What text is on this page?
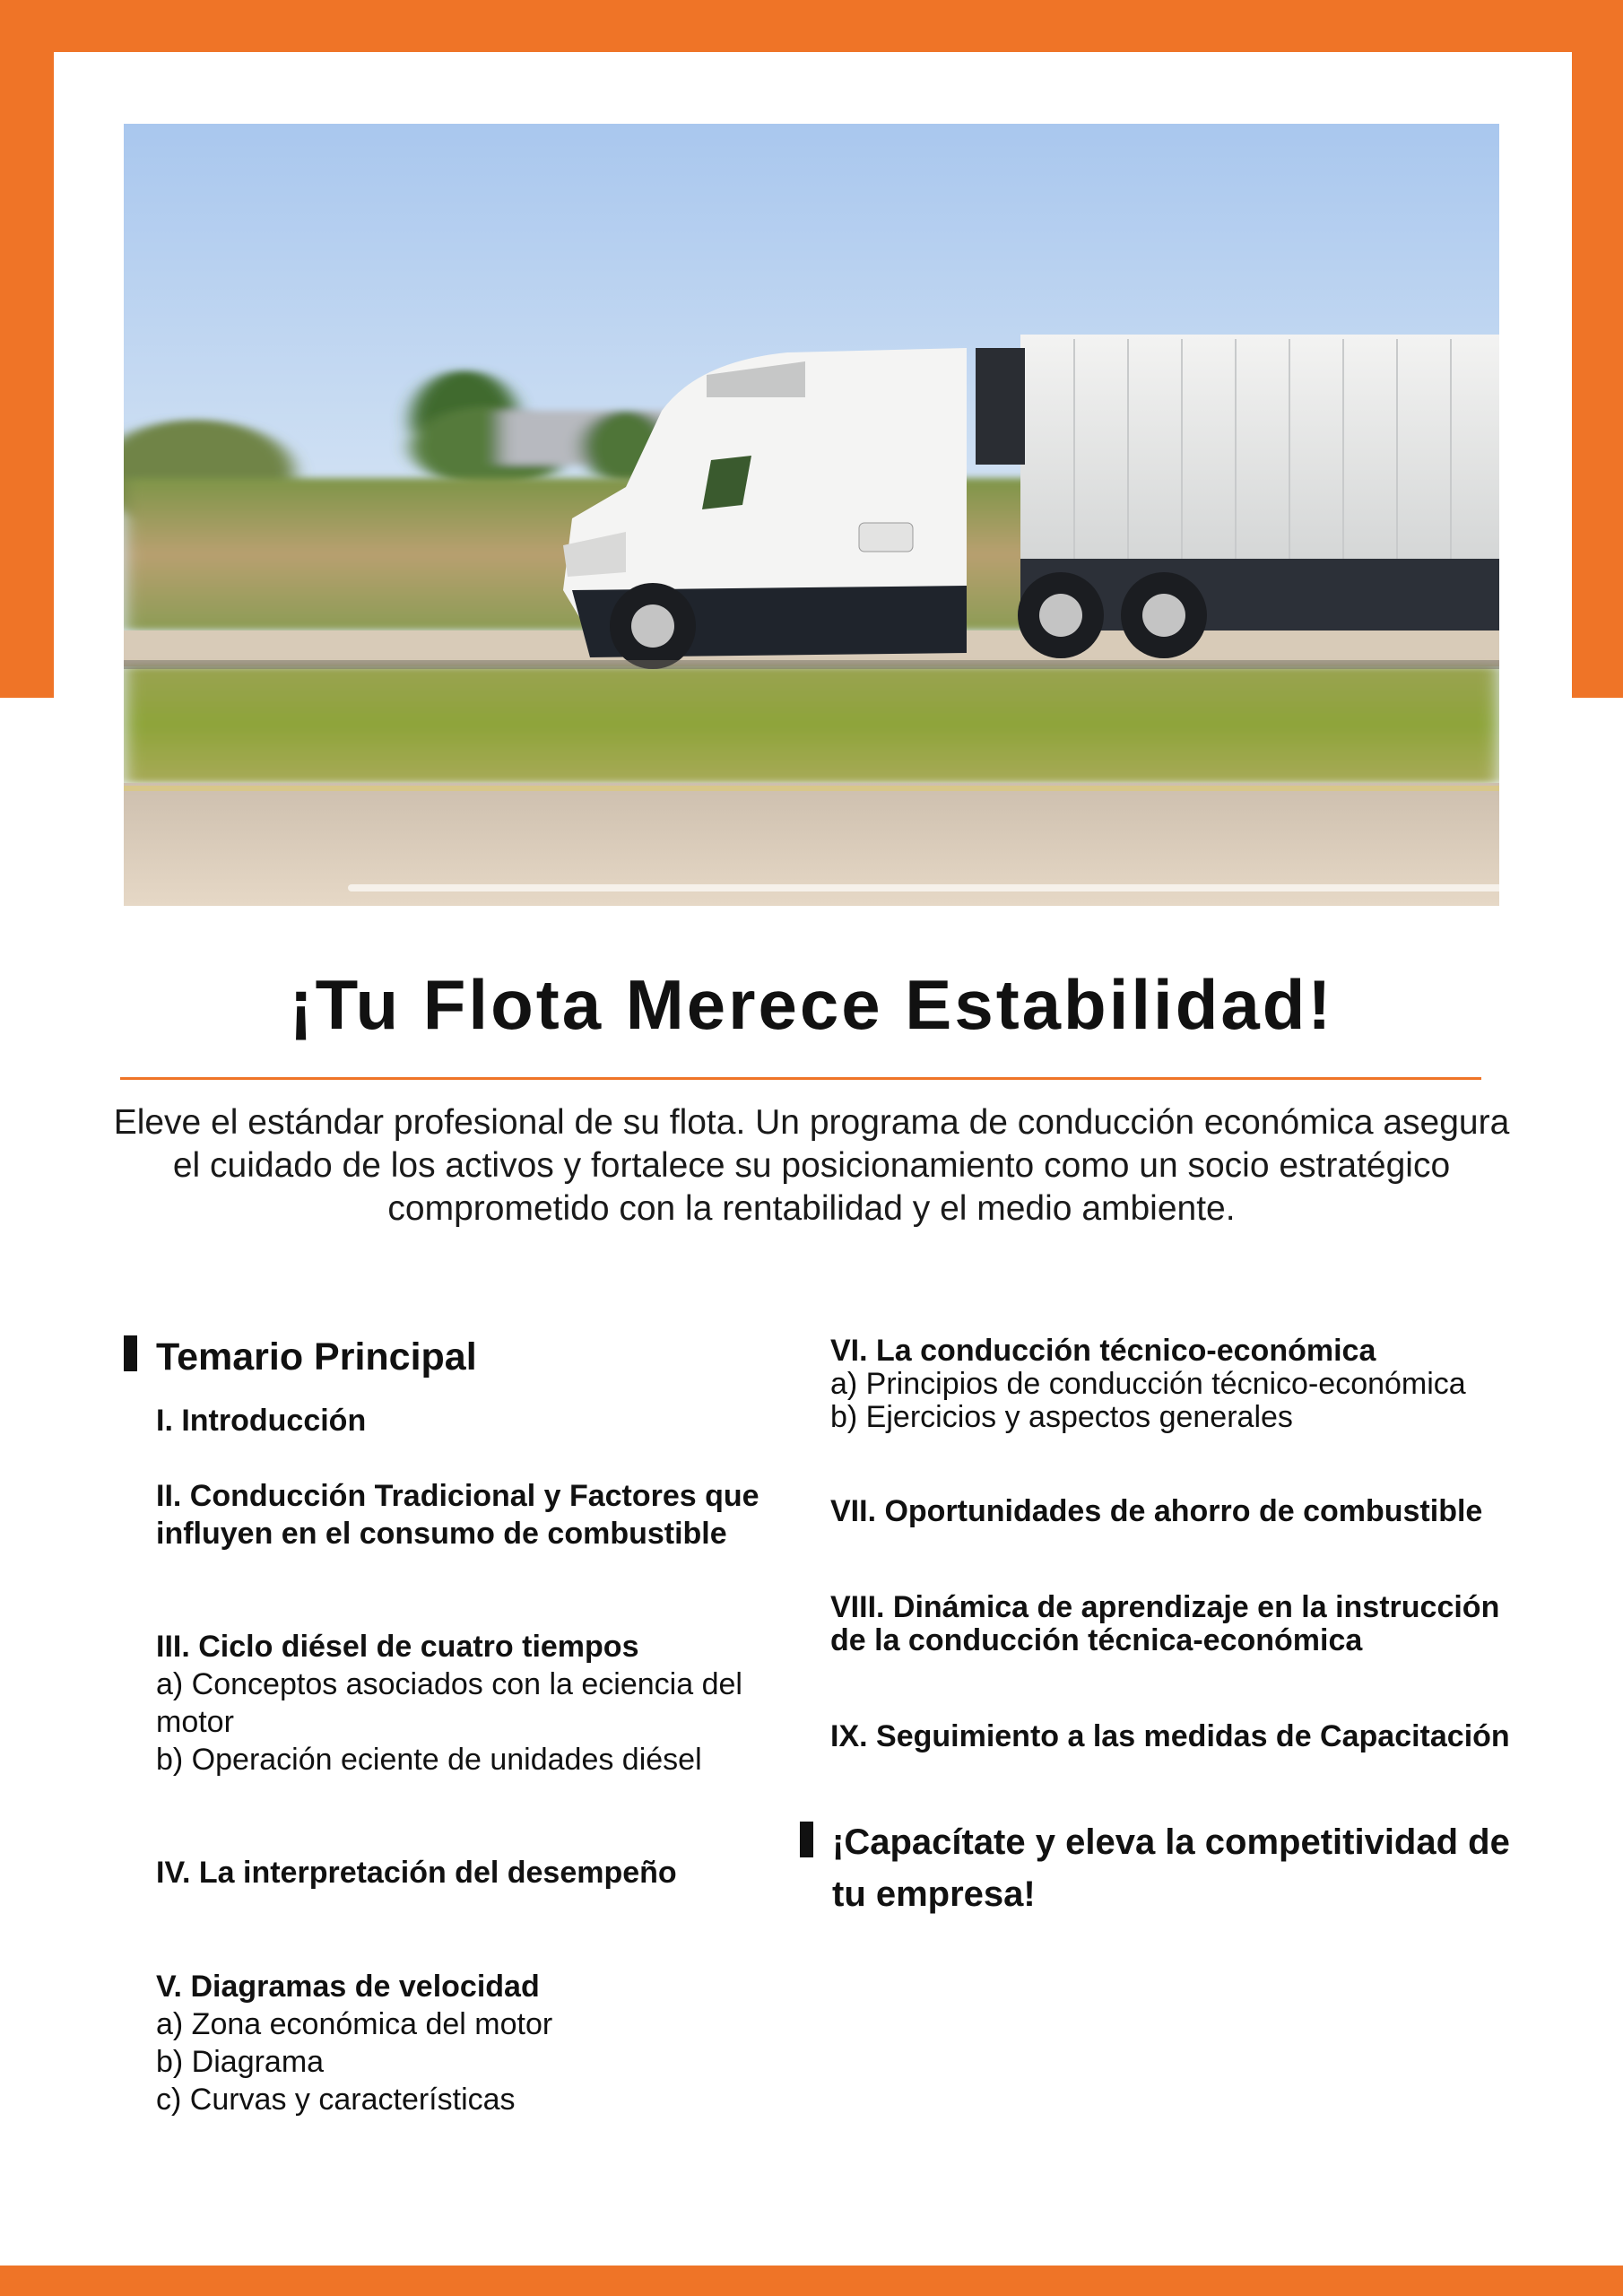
¡Tu Flota Merece Estabilidad!

Eleve el estándar profesional de su flota. Un programa de conducción económica asegura el cuidado de los activos y fortalece su posicionamiento como un socio estratégico comprometido con la rentabilidad y el medio ambiente.

Temario Principal
I. Introducción
II. Conducción Tradicional y Factores que influyen en el consumo de combustible
III. Ciclo diésel de cuatro tiempos
a) Conceptos asociados con la eciencia del motor
b) Operación eciente de unidades diésel
IV. La interpretación del desempeño
V. Diagramas de velocidad
a) Zona económica del motor
b) Diagrama
c) Curvas y características
VI. La conducción técnico-económica
a) Principios de conducción técnico-económica
b) Ejercicios y aspectos generales
VII. Oportunidades de ahorro de combustible
VIII. Dinámica de aprendizaje en la instrucción de la conducción técnica-económica
IX. Seguimiento a las medidas de Capacitación
¡Capacítate y eleva la competitividad de tu empresa!
